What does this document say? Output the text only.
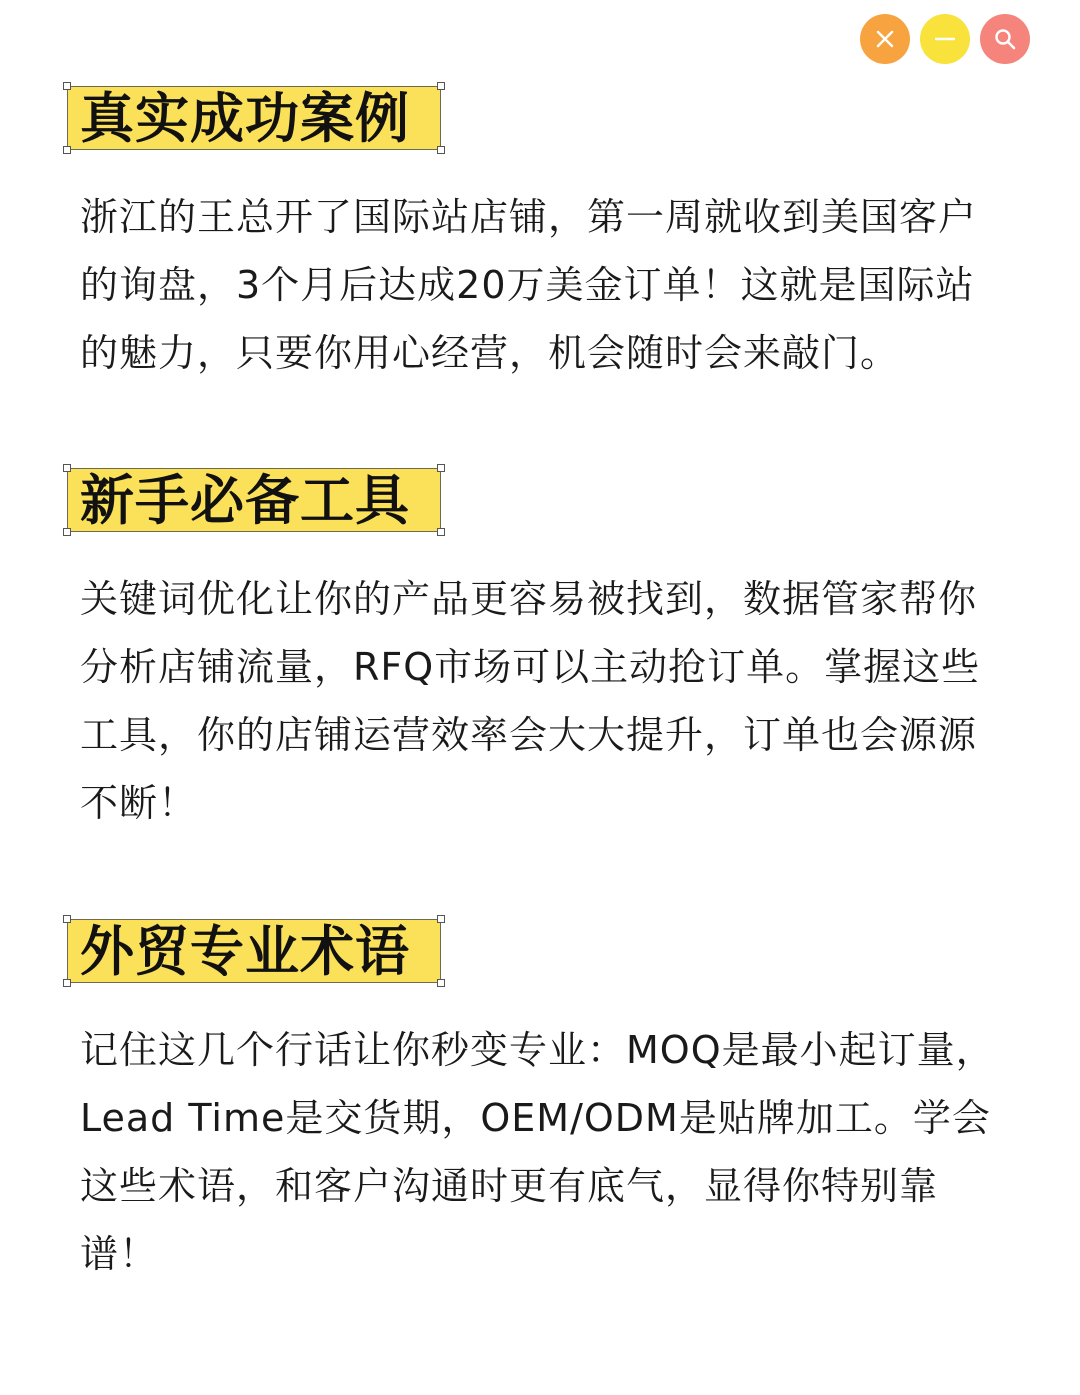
真实成功案例

浙江的王总开了国际站店铺，第一周就收到美国客户的询盘，3个月后达成20万美金订单！这就是国际站的魅力，只要你用心经营，机会随时会来敲门。

新手必备工具

关键词优化让你的产品更容易被找到，数据管家帮你分析店铺流量，RFQ市场可以主动抢订单。掌握这些工具，你的店铺运营效率会大大提升，订单也会源源不断！

外贸专业术语

记住这几个行话让你秒变专业：MOQ是最小起订量，Lead Time是交货期，OEM/ODM是贴牌加工。学会这些术语，和客户沟通时更有底气，显得你特别靠谱！
